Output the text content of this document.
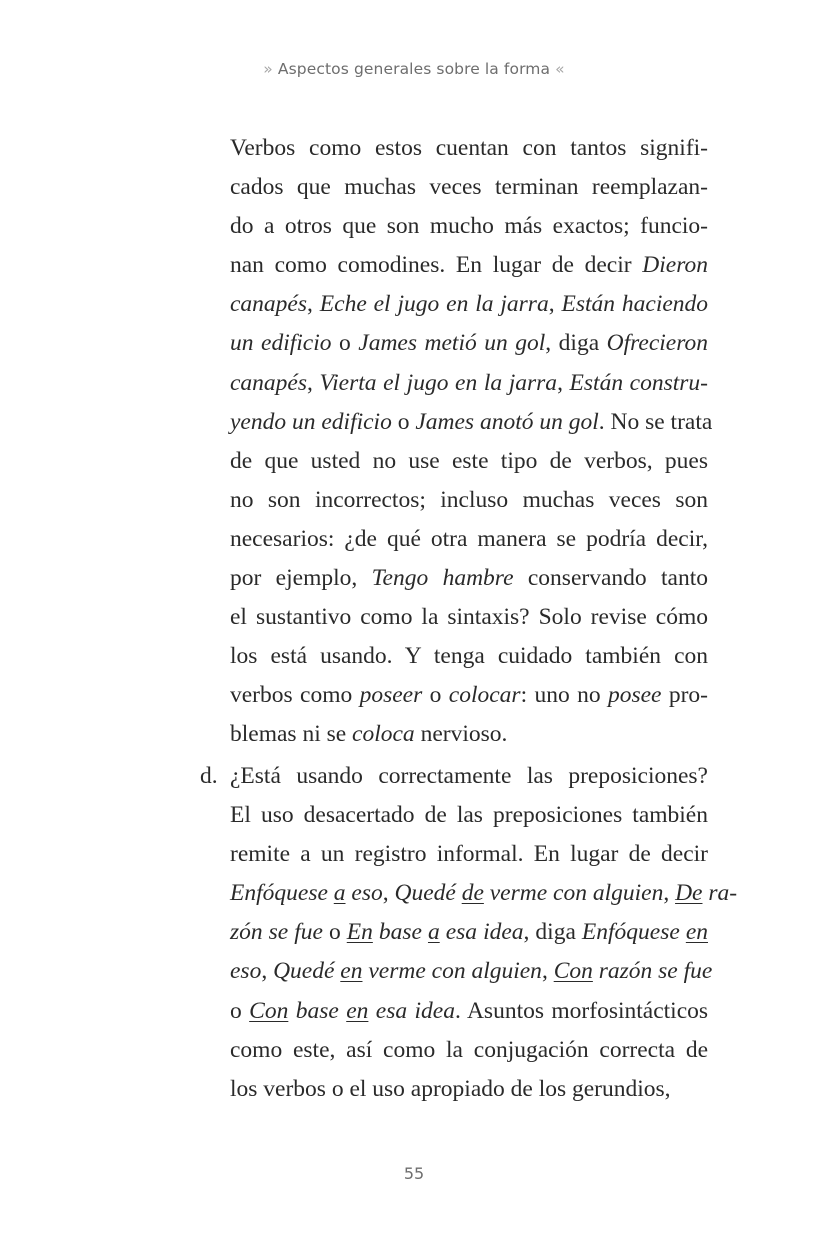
» Aspectos generales sobre la forma «
Verbos como estos cuentan con tantos signifi-
cados que muchas veces terminan reemplazan-
do a otros que son mucho más exactos; funcio-
nan como comodines. En lugar de decir Dieron
canapés, Eche el jugo en la jarra, Están haciendo
un edificio o James metió un gol, diga Ofrecieron
canapés, Vierta el jugo en la jarra, Están constru-
yendo un edificio o James anotó un gol. No se trata
de que usted no use este tipo de verbos, pues
no son incorrectos; incluso muchas veces son
necesarios: ¿de qué otra manera se podría decir,
por ejemplo, Tengo hambre conservando tanto
el sustantivo como la sintaxis? Solo revise cómo
los está usando. Y tenga cuidado también con
verbos como poseer o colocar: uno no posee pro-
blemas ni se coloca nervioso.
d. ¿Está usando correctamente las preposiciones?
El uso desacertado de las preposiciones también
remite a un registro informal. En lugar de decir
Enfóquese a eso, Quedé de verme con alguien, De ra-
zón se fue o En base a esa idea, diga Enfóquese en
eso, Quedé en verme con alguien, Con razón se fue
o Con base en esa idea. Asuntos morfosintácticos
como este, así como la conjugación correcta de
los verbos o el uso apropiado de los gerundios,
55
